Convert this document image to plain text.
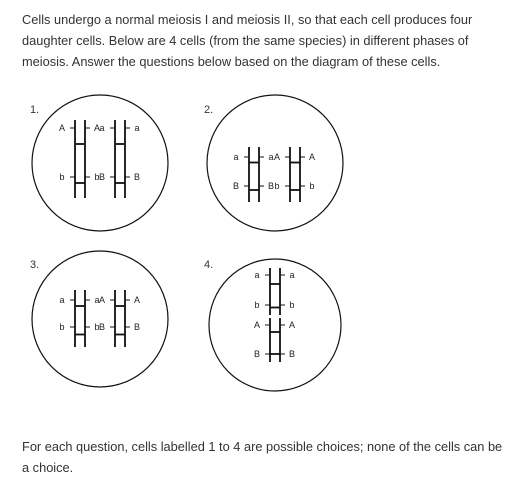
Cells undergo a normal meiosis I and meiosis II, so that each cell produces four daughter cells. Below are 4 cells (from the same species) in different phases of meiosis. Answer the questions below based on the diagram of these cells.

1.	2.
3.	4.
A	A a	a
b	b B	B
a	a A	A
B	B b	b
a	a A	A
b	b B	B
a	a
b	b
A	A
B	B

For each question, cells labelled 1 to 4 are possible choices; none of the cells can be a choice.
